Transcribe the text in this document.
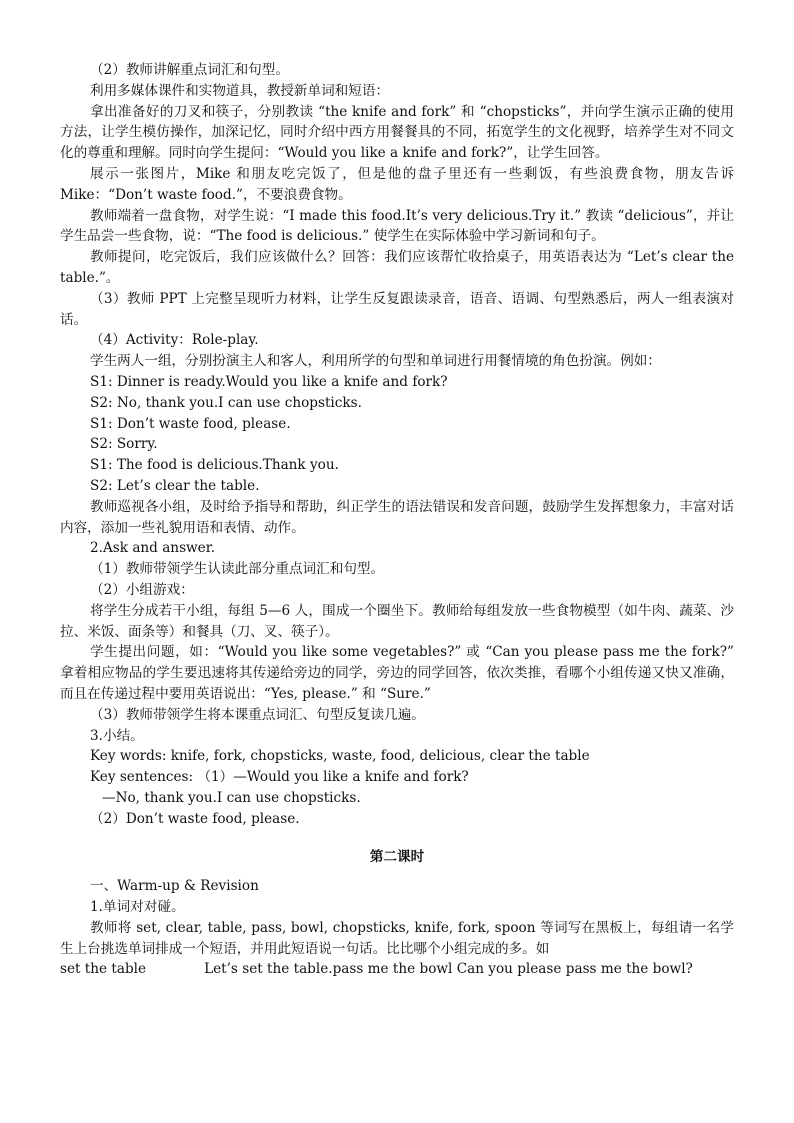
（2）教师讲解重点词汇和句型。

利用多媒体课件和实物道具，教授新单词和短语：

拿出准备好的刀叉和筷子，分别教读 “the knife and fork” 和 “chopsticks”，并向学生演示正确的使用方法，让学生模仿操作，加深记忆，同时介绍中西方用餐餐具的不同，拓宽学生的文化视野，培养学生对不同文化的尊重和理解。同时向学生提问：“Would you like a knife and fork?”，让学生回答。

展示一张图片，Mike 和朋友吃完饭了，但是他的盘子里还有一些剩饭，有些浪费食物，朋友告诉 Mike：“Don’t waste food.”，不要浪费食物。

教师端着一盘食物，对学生说：“I made this food.It’s very delicious.Try it.” 教读 “delicious”，并让学生品尝一些食物，说：“The food is delicious.” 使学生在实际体验中学习新词和句子。

教师提问，吃完饭后，我们应该做什么？回答：我们应该帮忙收拾桌子，用英语表达为 “Let’s clear the table.”。

（3）教师 PPT 上完整呈现听力材料，让学生反复跟读录音，语音、语调、句型熟悉后，两人一组表演对话。

（4）Activity：Role-play.

学生两人一组，分别扮演主人和客人，利用所学的句型和单词进行用餐情境的角色扮演。例如：

S1: Dinner is ready.Would you like a knife and fork?

S2: No, thank you.I can use chopsticks.

S1: Don’t waste food, please.

S2: Sorry.

S1: The food is delicious.Thank you.

S2: Let’s clear the table.

教师巡视各小组，及时给予指导和帮助，纠正学生的语法错误和发音问题，鼓励学生发挥想象力，丰富对话内容，添加一些礼貌用语和表情、动作。

2.Ask and answer.

（1）教师带领学生认读此部分重点词汇和句型。

（2）小组游戏：

将学生分成若干小组，每组 5—6 人，围成一个圈坐下。教师给每组发放一些食物模型（如牛肉、蔬菜、沙拉、米饭、面条等）和餐具（刀、叉、筷子）。

学生提出问题，如：“Would you like some vegetables?” 或 “Can you please pass me the fork?” 拿着相应物品的学生要迅速将其传递给旁边的同学，旁边的同学回答，依次类推，看哪个小组传递又快又准确，而且在传递过程中要用英语说出：“Yes, please.” 和 “Sure.”

（3）教师带领学生将本课重点词汇、句型反复读几遍。

3.小结。

Key words: knife, fork, chopsticks, waste, food, delicious, clear the table

Key sentences: （1）—Would you like a knife and fork?

—No, thank you.I can use chopsticks.

（2）Don’t waste food, please.

第二课时

一、Warm-up & Revision

1.单词对对碰。

教师将 set, clear, table, pass, bowl, chopsticks, knife, fork, spoon 等词写在黑板上，每组请一名学生上台挑选单词排成一个短语，并用此短语说一句话。比比哪个小组完成的多。如

set the table	Let’s set the table.pass me the bowl Can you please pass me the bowl?
